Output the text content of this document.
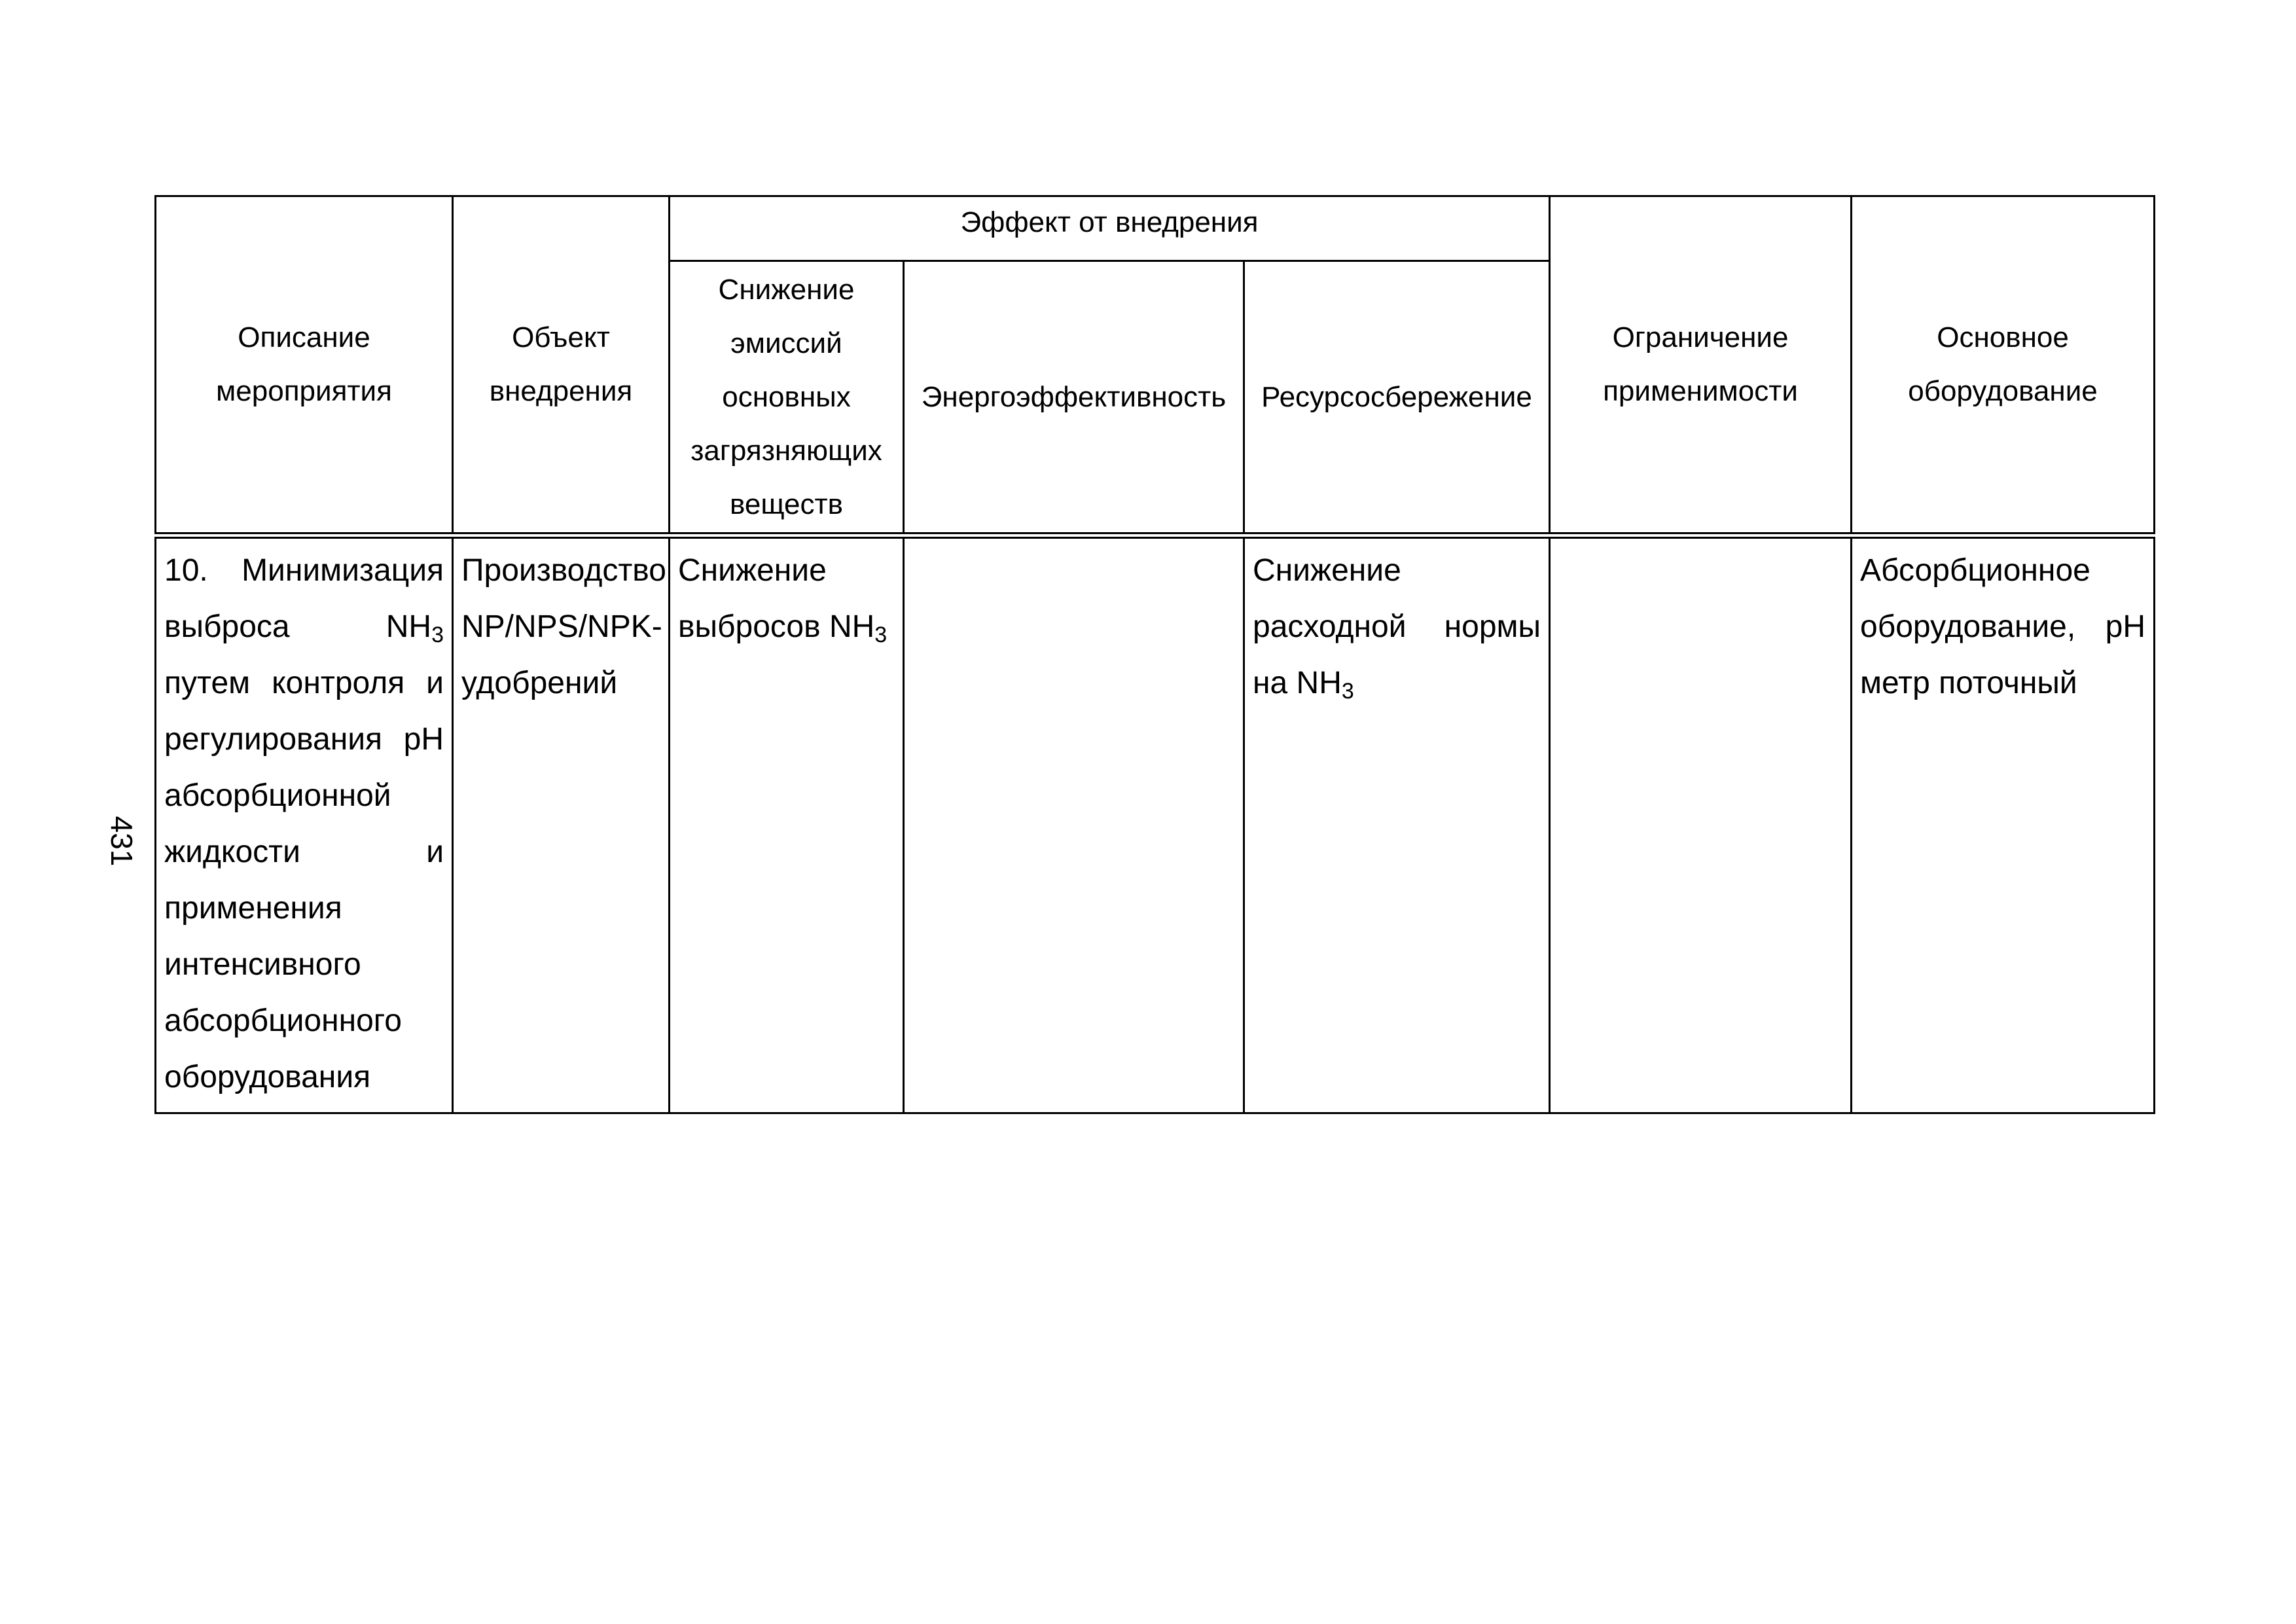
431
Описание мероприятия	Объект внедрения	Эффект от внедрения			Ограничение применимости	Основное оборудование
		Снижение эмиссий основных загрязняющих веществ	Энергоэффективность	Ресурсосбережение		
10. Минимизация выброса $NH_3$ путем контроля и регулирования pH абсорбционной жидкости и применения интенсивного абсорбционного оборудования	Производство NP/NPS/NPK-удобрений	Снижение выбросов $NH_3$		Снижение расходной нормы на $NH_3$		Абсорбционное оборудование, pH метр поточный
